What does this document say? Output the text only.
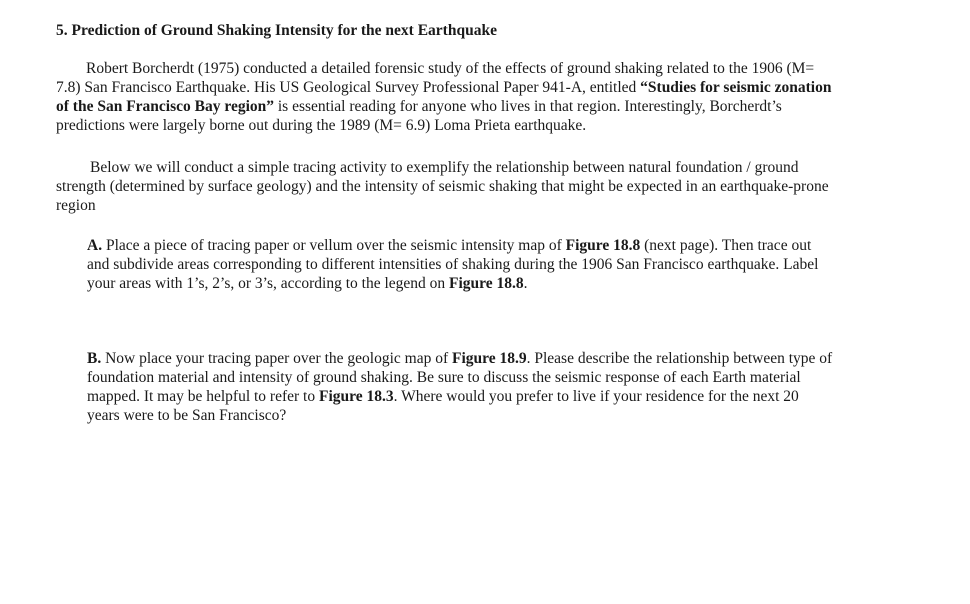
5. Prediction of Ground Shaking Intensity for the next Earthquake

Robert Borcherdt (1975) conducted a detailed forensic study of the effects of ground shaking related to the 1906 (M=
7.8) San Francisco Earthquake. His US Geological Survey Professional Paper 941-A, entitled “Studies for seismic zonation
of the San Francisco Bay region” is essential reading for anyone who lives in that region. Interestingly, Borcherdt’s
predictions were largely borne out during the 1989 (M= 6.9) Loma Prieta earthquake.

Below we will conduct a simple tracing activity to exemplify the relationship between natural foundation / ground
strength (determined by surface geology) and the intensity of seismic shaking that might be expected in an earthquake-prone
region

A. Place a piece of tracing paper or vellum over the seismic intensity map of Figure 18.8 (next page). Then trace out
and subdivide areas corresponding to different intensities of shaking during the 1906 San Francisco earthquake. Label
your areas with 1’s, 2’s, or 3’s, according to the legend on Figure 18.8.

B. Now place your tracing paper over the geologic map of Figure 18.9. Please describe the relationship between type of
foundation material and intensity of ground shaking. Be sure to discuss the seismic response of each Earth material
mapped. It may be helpful to refer to Figure 18.3. Where would you prefer to live if your residence for the next 20
years were to be San Francisco?
